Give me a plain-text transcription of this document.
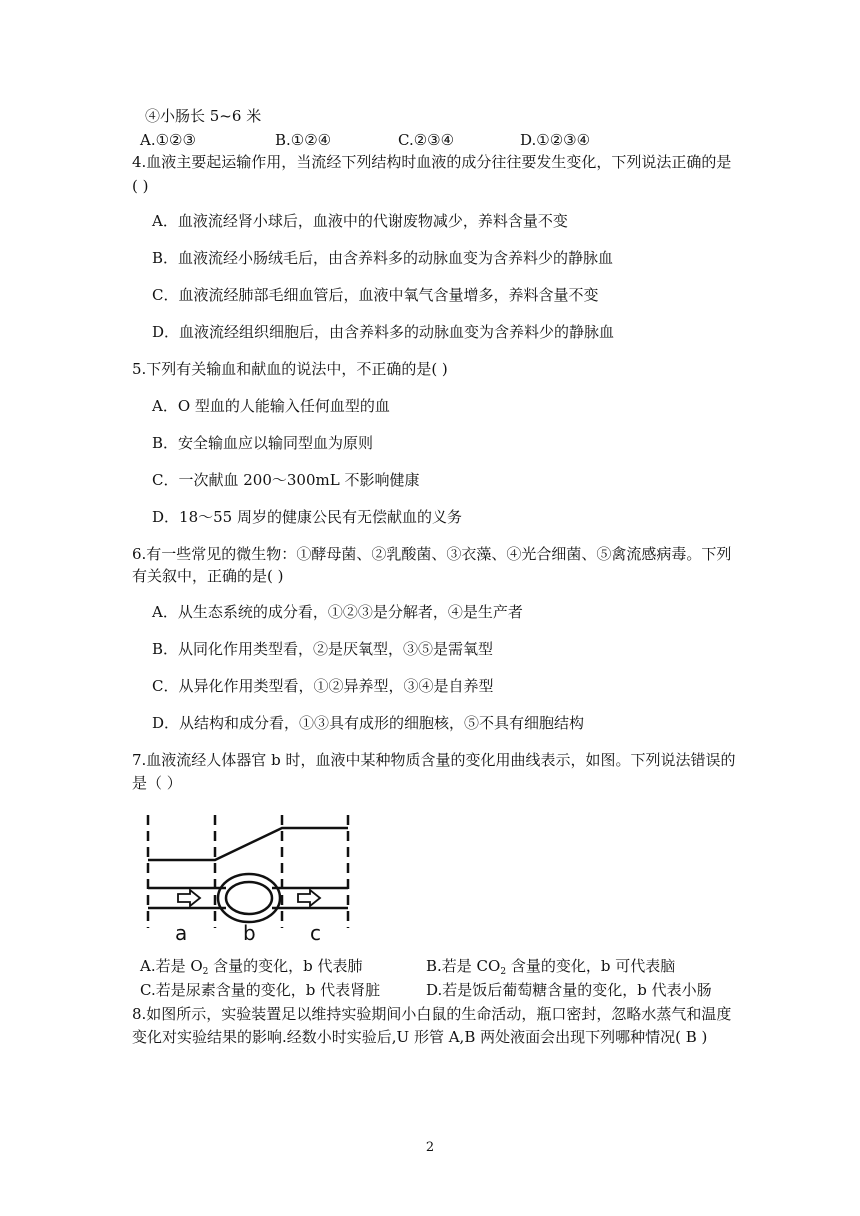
④小肠长 5~6 米
A.①②③	B.①②④	C.②③④	D.①②③④
4.血液主要起运输作用，当流经下列结构时血液的成分往往要发生变化，下列说法正确的是
( )
A．血液流经肾小球后，血液中的代谢废物减少，养料含量不变
B．血液流经小肠绒毛后，由含养料多的动脉血变为含养料少的静脉血
C．血液流经肺部毛细血管后，血液中氧气含量增多，养料含量不变
D．血液流经组织细胞后，由含养料多的动脉血变为含养料少的静脉血
5.下列有关输血和献血的说法中，不正确的是( )
A．O 型血的人能输入任何血型的血
B．安全输血应以输同型血为原则
C．一次献血 200～300mL 不影响健康
D．18～55 周岁的健康公民有无偿献血的义务
6.有一些常见的微生物：①酵母菌、②乳酸菌、③衣藻、④光合细菌、⑤禽流感病毒。下列
有关叙中，正确的是( )
A．从生态系统的成分看，①②③是分解者，④是生产者
B．从同化作用类型看，②是厌氧型，③⑤是需氧型
C．从异化作用类型看，①②异养型，③④是自养型
D．从结构和成分看，①③具有成形的细胞核，⑤不具有细胞结构
7.血液流经人体器官 b 时，血液中某种物质含量的变化用曲线表示，如图。下列说法错误的
是（ ）
a	b	c
A.若是 $O_2$ 含量的变化，b 代表肺	B.若是 $CO_2$ 含量的变化，b 可代表脑
C.若是尿素含量的变化，b 代表肾脏	D.若是饭后葡萄糖含量的变化，b 代表小肠
8.如图所示，实验装置足以维持实验期间小白鼠的生命活动，瓶口密封，忽略水蒸气和温度
变化对实验结果的影响.经数小时实验后,U 形管 A,B 两处液面会出现下列哪种情况( B )
2
